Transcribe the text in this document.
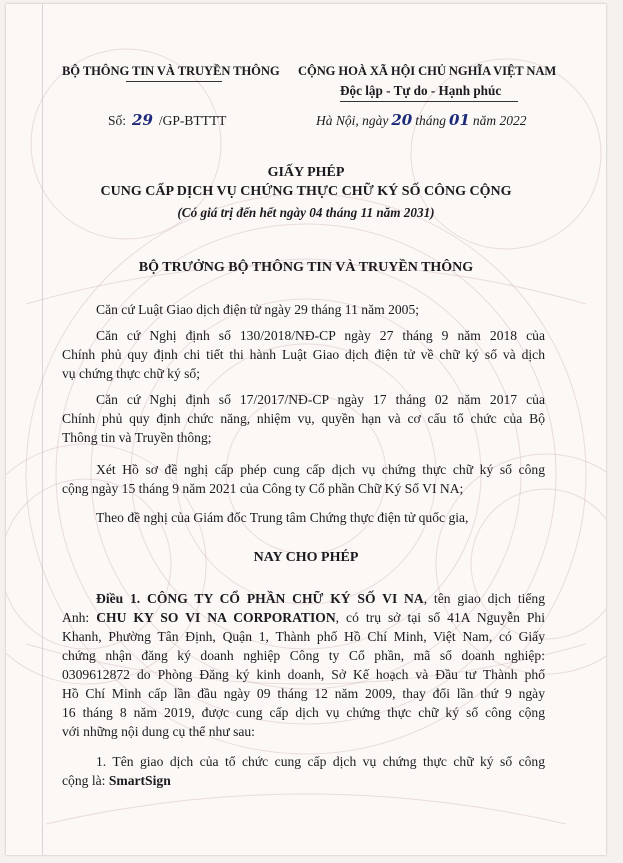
BỘ THÔNG TIN VÀ TRUYỀN THÔNG CỘNG HOÀ XÃ HỘI CHỦ NGHĨA VIỆT NAM
Độc lập - Tự do - Hạnh phúc
Số: 29 /GP-BTTTT	Hà Nội, ngày 20 tháng 01 năm 2022
GIẤY PHÉP
CUNG CẤP DỊCH VỤ CHỨNG THỰC CHỮ KÝ SỐ CÔNG CỘNG
(Có giá trị đến hết ngày 04 tháng 11 năm 2031)
BỘ TRƯỞNG BỘ THÔNG TIN VÀ TRUYỀN THÔNG
Căn cứ Luật Giao dịch điện tử ngày 29 tháng 11 năm 2005;
Căn cứ Nghị định số 130/2018/NĐ-CP ngày 27 tháng 9 năm 2018 của
Chính phủ quy định chi tiết thi hành Luật Giao dịch điện tử về chữ ký số và dịch
vụ chứng thực chữ ký số;
Căn cứ Nghị định số 17/2017/NĐ-CP ngày 17 tháng 02 năm 2017 của
Chính phủ quy định chức năng, nhiệm vụ, quyền hạn và cơ cấu tổ chức của Bộ
Thông tin và Truyền thông;
Xét Hồ sơ đề nghị cấp phép cung cấp dịch vụ chứng thực chữ ký số công
cộng ngày 15 tháng 9 năm 2021 của Công ty Cổ phần Chữ Ký Số VI NA;
Theo đề nghị của Giám đốc Trung tâm Chứng thực điện tử quốc gia,
NAY CHO PHÉP
Điều 1. CÔNG TY CỔ PHẦN CHỮ KÝ SỐ VI NA, tên giao dịch tiếng
Anh: CHU KY SO VI NA CORPORATION, có trụ sở tại số 41A Nguyễn Phi
Khanh, Phường Tân Định, Quận 1, Thành phố Hồ Chí Minh, Việt Nam, có Giấy
chứng nhận đăng ký doanh nghiệp Công ty Cổ phần, mã số doanh nghiệp:
0309612872 do Phòng Đăng ký kinh doanh, Sở Kế hoạch và Đầu tư Thành phố
Hồ Chí Minh cấp lần đầu ngày 09 tháng 12 năm 2009, thay đổi lần thứ 9 ngày
16 tháng 8 năm 2019, được cung cấp dịch vụ chứng thực chữ ký số công cộng
với những nội dung cụ thể như sau:
1. Tên giao dịch của tổ chức cung cấp dịch vụ chứng thực chữ ký số công
cộng là: SmartSign
